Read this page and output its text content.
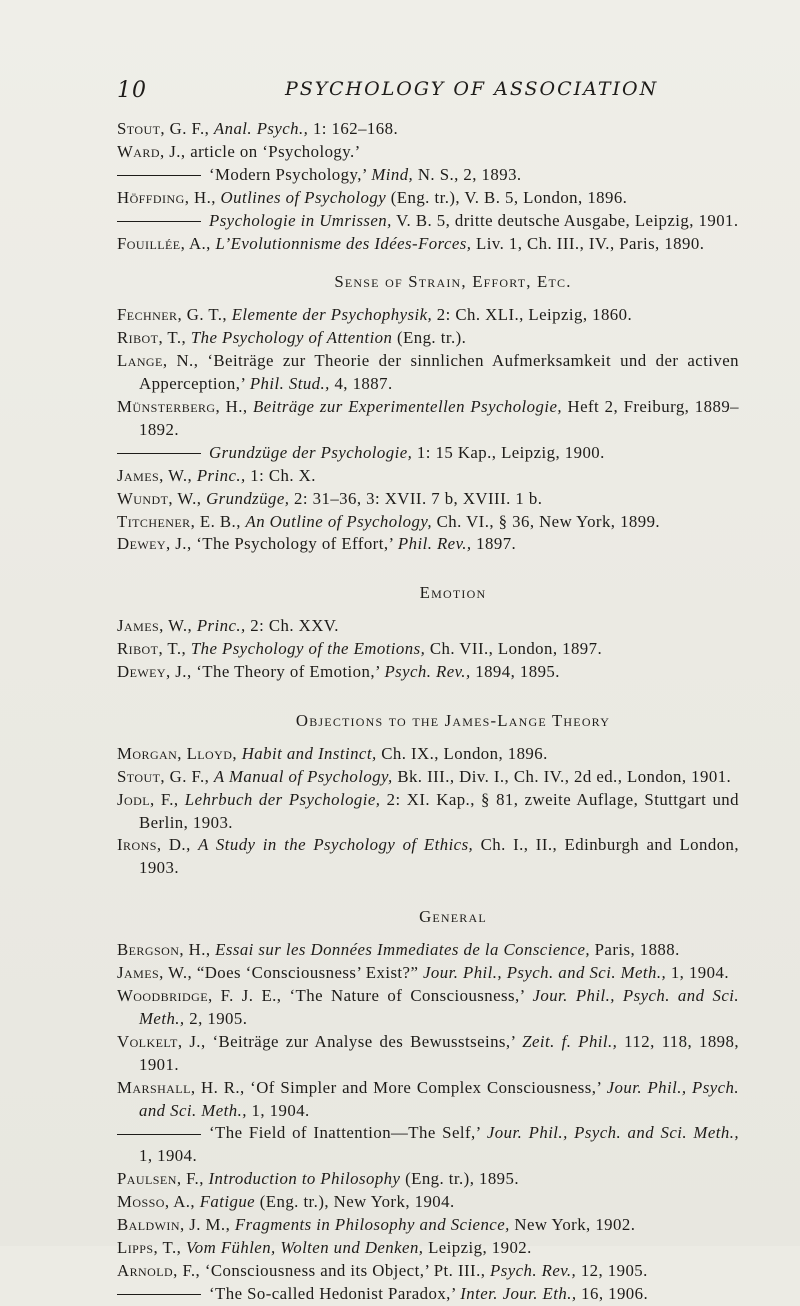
10	PSYCHOLOGY OF ASSOCIATION

Stout, G. F., Anal. Psych., 1: 162–168.

Ward, J., article on ‘Psychology.’

‘Modern Psychology,’ Mind, N. S., 2, 1893.

Höffding, H., Outlines of Psychology (Eng. tr.), V. B. 5, London, 1896.

Psychologie in Umrissen, V. B. 5, dritte deutsche Ausgabe, Leipzig, 1901.

Fouillée, A., L’Evolutionnisme des Idées-Forces, Liv. 1, Ch. III., IV., Paris, 1890.

Sense of Strain, Effort, Etc.

Fechner, G. T., Elemente der Psychophysik, 2: Ch. XLI., Leipzig, 1860.

Ribot, T., The Psychology of Attention (Eng. tr.).

Lange, N., ‘Beiträge zur Theorie der sinnlichen Aufmerksamkeit und der activen Apperception,’ Phil. Stud., 4, 1887.

Münsterberg, H., Beiträge zur Experimentellen Psychologie, Heft 2, Freiburg, 1889–1892.

Grundzüge der Psychologie, 1: 15 Kap., Leipzig, 1900.

James, W., Princ., 1: Ch. X.

Wundt, W., Grundzüge, 2: 31–36, 3: XVII. 7 b, XVIII. 1 b.

Titchener, E. B., An Outline of Psychology, Ch. VI., § 36, New York, 1899.

Dewey, J., ‘The Psychology of Effort,’ Phil. Rev., 1897.

Emotion

James, W., Princ., 2: Ch. XXV.

Ribot, T., The Psychology of the Emotions, Ch. VII., London, 1897.

Dewey, J., ‘The Theory of Emotion,’ Psych. Rev., 1894, 1895.

Objections to the James-Lange Theory

Morgan, Lloyd, Habit and Instinct, Ch. IX., London, 1896.

Stout, G. F., A Manual of Psychology, Bk. III., Div. I., Ch. IV., 2d ed., London, 1901.

Jodl, F., Lehrbuch der Psychologie, 2: XI. Kap., § 81, zweite Auflage, Stuttgart und Berlin, 1903.

Irons, D., A Study in the Psychology of Ethics, Ch. I., II., Edinburgh and London, 1903.

General

Bergson, H., Essai sur les Données Immediates de la Conscience, Paris, 1888.

James, W., “Does ‘Consciousness’ Exist?” Jour. Phil., Psych. and Sci. Meth., 1, 1904.

Woodbridge, F. J. E., ‘The Nature of Consciousness,’ Jour. Phil., Psych. and Sci. Meth., 2, 1905.

Volkelt, J., ‘Beiträge zur Analyse des Bewusstseins,’ Zeit. f. Phil., 112, 118, 1898, 1901.

Marshall, H. R., ‘Of Simpler and More Complex Consciousness,’ Jour. Phil., Psych. and Sci. Meth., 1, 1904.

‘The Field of Inattention—The Self,’ Jour. Phil., Psych. and Sci. Meth., 1, 1904.

Paulsen, F., Introduction to Philosophy (Eng. tr.), 1895.

Mosso, A., Fatigue (Eng. tr.), New York, 1904.

Baldwin, J. M., Fragments in Philosophy and Science, New York, 1902.

Lipps, T., Vom Fühlen, Wolten und Denken, Leipzig, 1902.

Arnold, F., ‘Consciousness and its Object,’ Pt. III., Psych. Rev., 12, 1905.

‘The So-called Hedonist Paradox,’ Inter. Jour. Eth., 16, 1906.
